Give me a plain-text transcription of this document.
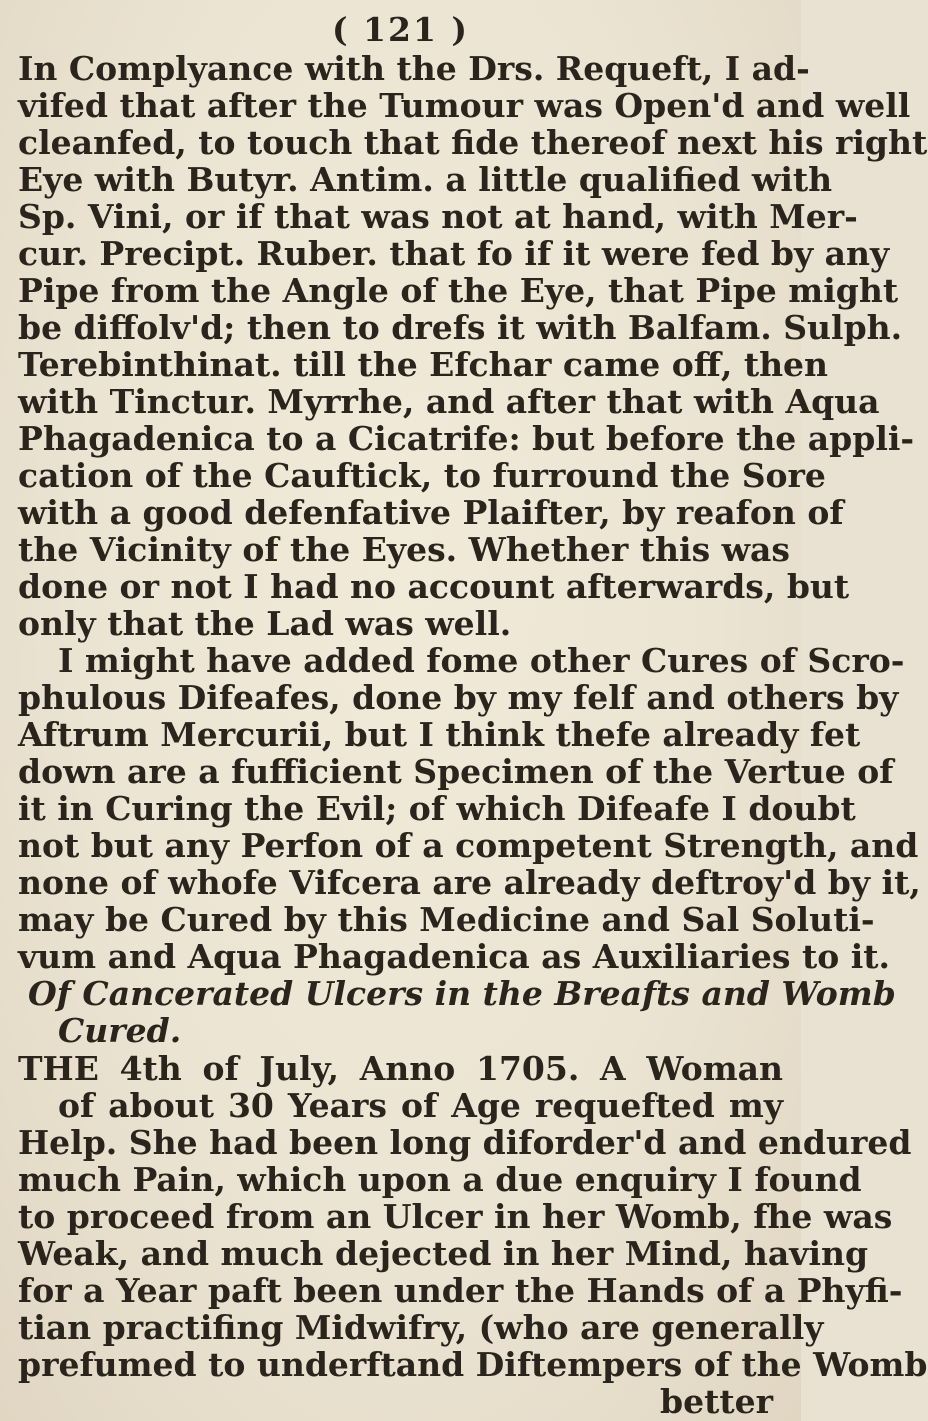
( 121 )
In Complyance with the Drs. Requeft, I ad-
vifed that after the Tumour was Open'd and well
cleanfed, to touch that fide thereof next his right
Eye with Butyr. Antim. a little qualified with
Sp. Vini, or if that was not at hand, with Mer-
cur. Precipt. Ruber. that fo if it were fed by any
Pipe from the Angle of the Eye, that Pipe might
be diffolv'd; then to drefs it with Balfam. Sulph.
Terebinthinat. till the Efchar came off, then
with Tinctur. Myrrhe, and after that with Aqua
Phagadenica to a Cicatrife: but before the appli-
cation of the Cauftick, to furround the Sore
with a good defenfative Plaifter, by reafon of
the Vicinity of the Eyes. Whether this was
done or not I had no account afterwards, but
only that the Lad was well.
I might have added fome other Cures of Scro-
phulous Difeafes, done by my felf and others by
Aftrum Mercurii, but I think thefe already fet
down are a fufficient Specimen of the Vertue of
it in Curing the Evil; of which Difeafe I doubt
not but any Perfon of a competent Strength, and
none of whofe Vifcera are already deftroy'd by it,
may be Cured by this Medicine and Sal Soluti-
vum and Aqua Phagadenica as Auxiliaries to it.
Of Cancerated Ulcers in the Breafts and Womb
Cured.
THE 4th of July, Anno 1705. A Woman
of about 30 Years of Age requefted my
Help. She had been long diforder'd and endured
much Pain, which upon a due enquiry I found
to proceed from an Ulcer in her Womb, fhe was
Weak, and much dejected in her Mind, having
for a Year paft been under the Hands of a Phyfi-
tian practifing Midwifry, (who are generally
prefumed to underftand Diftempers of the Womb
better
